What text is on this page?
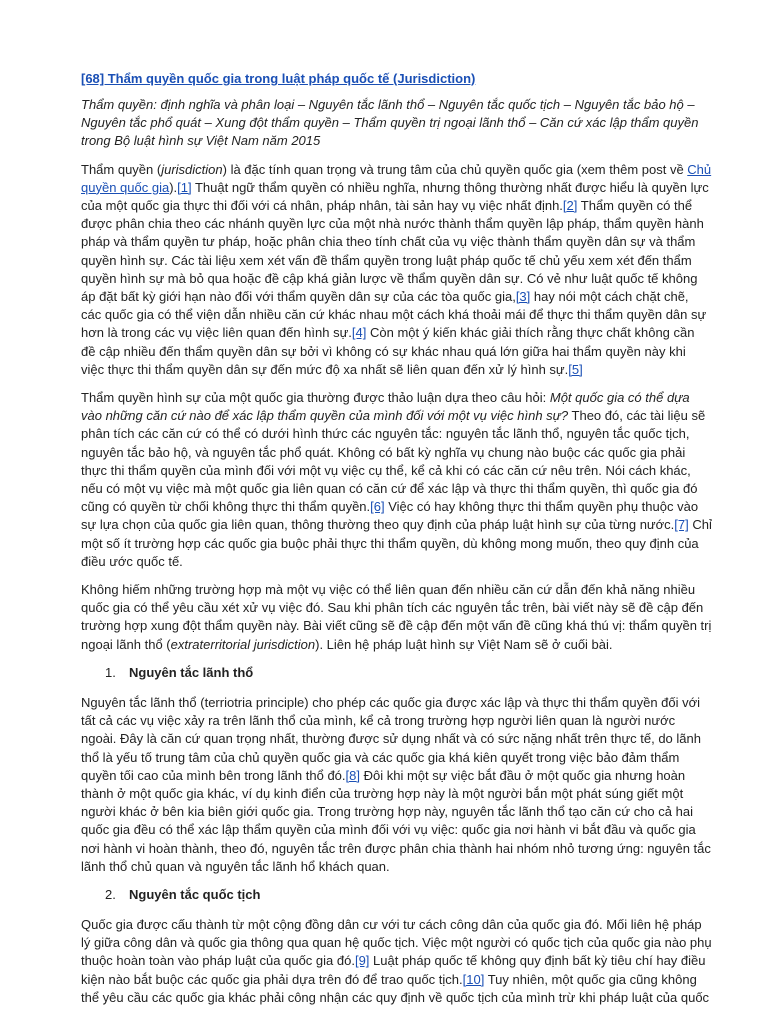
[68] Thẩm quyền quốc gia trong luật pháp quốc tế (Jurisdiction)
Thẩm quyền: định nghĩa và phân loại – Nguyên tắc lãnh thổ – Nguyên tắc quốc tịch – Nguyên tắc bảo hộ – Nguyên tắc phổ quát – Xung đột thẩm quyền – Thẩm quyền trị ngoại lãnh thổ – Căn cứ xác lập thẩm quyền trong Bộ luật hình sự Việt Nam năm 2015

Thẩm quyền (jurisdiction) là đặc tính quan trọng và trung tâm của chủ quyền quốc gia (xem thêm post về Chủ quyền quốc gia).[1] Thuật ngữ thẩm quyền có nhiều nghĩa, nhưng thông thường nhất được hiểu là quyền lực của một quốc gia thực thi đối với cá nhân, pháp nhân, tài sản hay vụ việc nhất định.[2] Thẩm quyền có thể được phân chia theo các nhánh quyền lực của một nhà nước thành thẩm quyền lập pháp, thẩm quyền hành pháp và thẩm quyền tư pháp, hoặc phân chia theo tính chất của vụ việc thành thẩm quyền dân sự và thẩm quyền hình sự. Các tài liệu xem xét vấn đề thẩm quyền trong luật pháp quốc tế chủ yếu xem xét đến thẩm quyền hình sự mà bỏ qua hoặc đề cập khá giản lược về thẩm quyền dân sự. Có vẻ như luật quốc tế không áp đặt bất kỳ giới hạn nào đối với thẩm quyền dân sự của các tòa quốc gia,[3] hay nói một cách chặt chẽ, các quốc gia có thể viện dẫn nhiều căn cứ khác nhau một cách khá thoải mái để thực thi thẩm quyền dân sự hơn là trong các vụ việc liên quan đến hình sự.[4] Còn một ý kiến khác giải thích rằng thực chất không cần đề cập nhiều đến thẩm quyền dân sự bởi vì không có sự khác nhau quá lớn giữa hai thẩm quyền này khi việc thực thi thẩm quyền dân sự đến mức độ xa nhất sẽ liên quan đến xử lý hình sự.[5]

Thẩm quyền hình sự của một quốc gia thường được thảo luận dựa theo câu hỏi: Một quốc gia có thể dựa vào những căn cứ nào để xác lập thẩm quyền của mình đối với một vụ việc hình sự? Theo đó, các tài liệu sẽ phân tích các căn cứ có thể có dưới hình thức các nguyên tắc: nguyên tắc lãnh thổ, nguyên tắc quốc tịch, nguyên tắc bảo hộ, và nguyên tắc phổ quát. Không có bất kỳ nghĩa vụ chung nào buộc các quốc gia phải thực thi thẩm quyền của mình đối với một vụ việc cụ thể, kể cả khi có các căn cứ nêu trên. Nói cách khác, nếu có một vụ việc mà một quốc gia liên quan có căn cứ để xác lập và thực thi thẩm quyền, thì quốc gia đó cũng có quyền từ chối không thực thi thẩm quyền.[6] Việc có hay không thực thi thẩm quyền phụ thuộc vào sự lựa chọn của quốc gia liên quan, thông thường theo quy định của pháp luật hình sự của từng nước.[7] Chỉ một số ít trường hợp các quốc gia buộc phải thực thi thẩm quyền, dù không mong muốn, theo quy định của điều ước quốc tế.

Không hiếm những trường hợp mà một vụ việc có thể liên quan đến nhiều căn cứ dẫn đến khả năng nhiều quốc gia có thể yêu cầu xét xử vụ việc đó. Sau khi phân tích các nguyên tắc trên, bài viết này sẽ đề cập đến trường hợp xung đột thẩm quyền này. Bài viết cũng sẽ đề cập đến một vấn đề cũng khá thú vị: thẩm quyền trị ngoại lãnh thổ (extraterritorial jurisdiction). Liên hệ pháp luật hình sự Việt Nam sẽ ở cuối bài.

1. Nguyên tắc lãnh thổ

Nguyên tắc lãnh thổ (terriotria principle) cho phép các quốc gia được xác lập và thực thi thẩm quyền đối với tất cả các vụ việc xảy ra trên lãnh thổ của mình, kể cả trong trường hợp người liên quan là người nước ngoài. Đây là căn cứ quan trọng nhất, thường được sử dụng nhất và có sức nặng nhất trên thực tế, do lãnh thổ là yếu tố trung tâm của chủ quyền quốc gia và các quốc gia khá kiên quyết trong việc bảo đảm thẩm quyền tối cao của mình bên trong lãnh thổ đó.[8] Đôi khi một sự việc bắt đầu ở một quốc gia nhưng hoàn thành ở một quốc gia khác, ví dụ kinh điển của trường hợp này là một người bắn một phát súng giết một người khác ở bên kia biên giới quốc gia. Trong trường hợp này, nguyên tắc lãnh thổ tạo căn cứ cho cả hai quốc gia đều có thể xác lập thẩm quyền của mình đối với vụ việc: quốc gia nơi hành vi bắt đầu và quốc gia nơi hành vi hoàn thành, theo đó, nguyên tắc trên được phân chia thành hai nhóm nhỏ tương ứng: nguyên tắc lãnh thổ chủ quan và nguyên tắc lãnh hổ khách quan.

2. Nguyên tắc quốc tịch

Quốc gia được cấu thành từ một cộng đồng dân cư với tư cách công dân của quốc gia đó. Mối liên hệ pháp lý giữa công dân và quốc gia thông qua quan hệ quốc tịch. Việc một người có quốc tịch của quốc gia nào phụ thuộc hoàn toàn vào pháp luật của quốc gia đó.[9] Luật pháp quốc tế không quy định bất kỳ tiêu chí hay điều kiện nào bắt buộc các quốc gia phải dựa trên đó để trao quốc tịch.[10] Tuy nhiên, một quốc gia cũng không thể yêu cầu các quốc gia khác phải công nhận các quy định về quốc tịch của mình trừ khi pháp luật của quốc
